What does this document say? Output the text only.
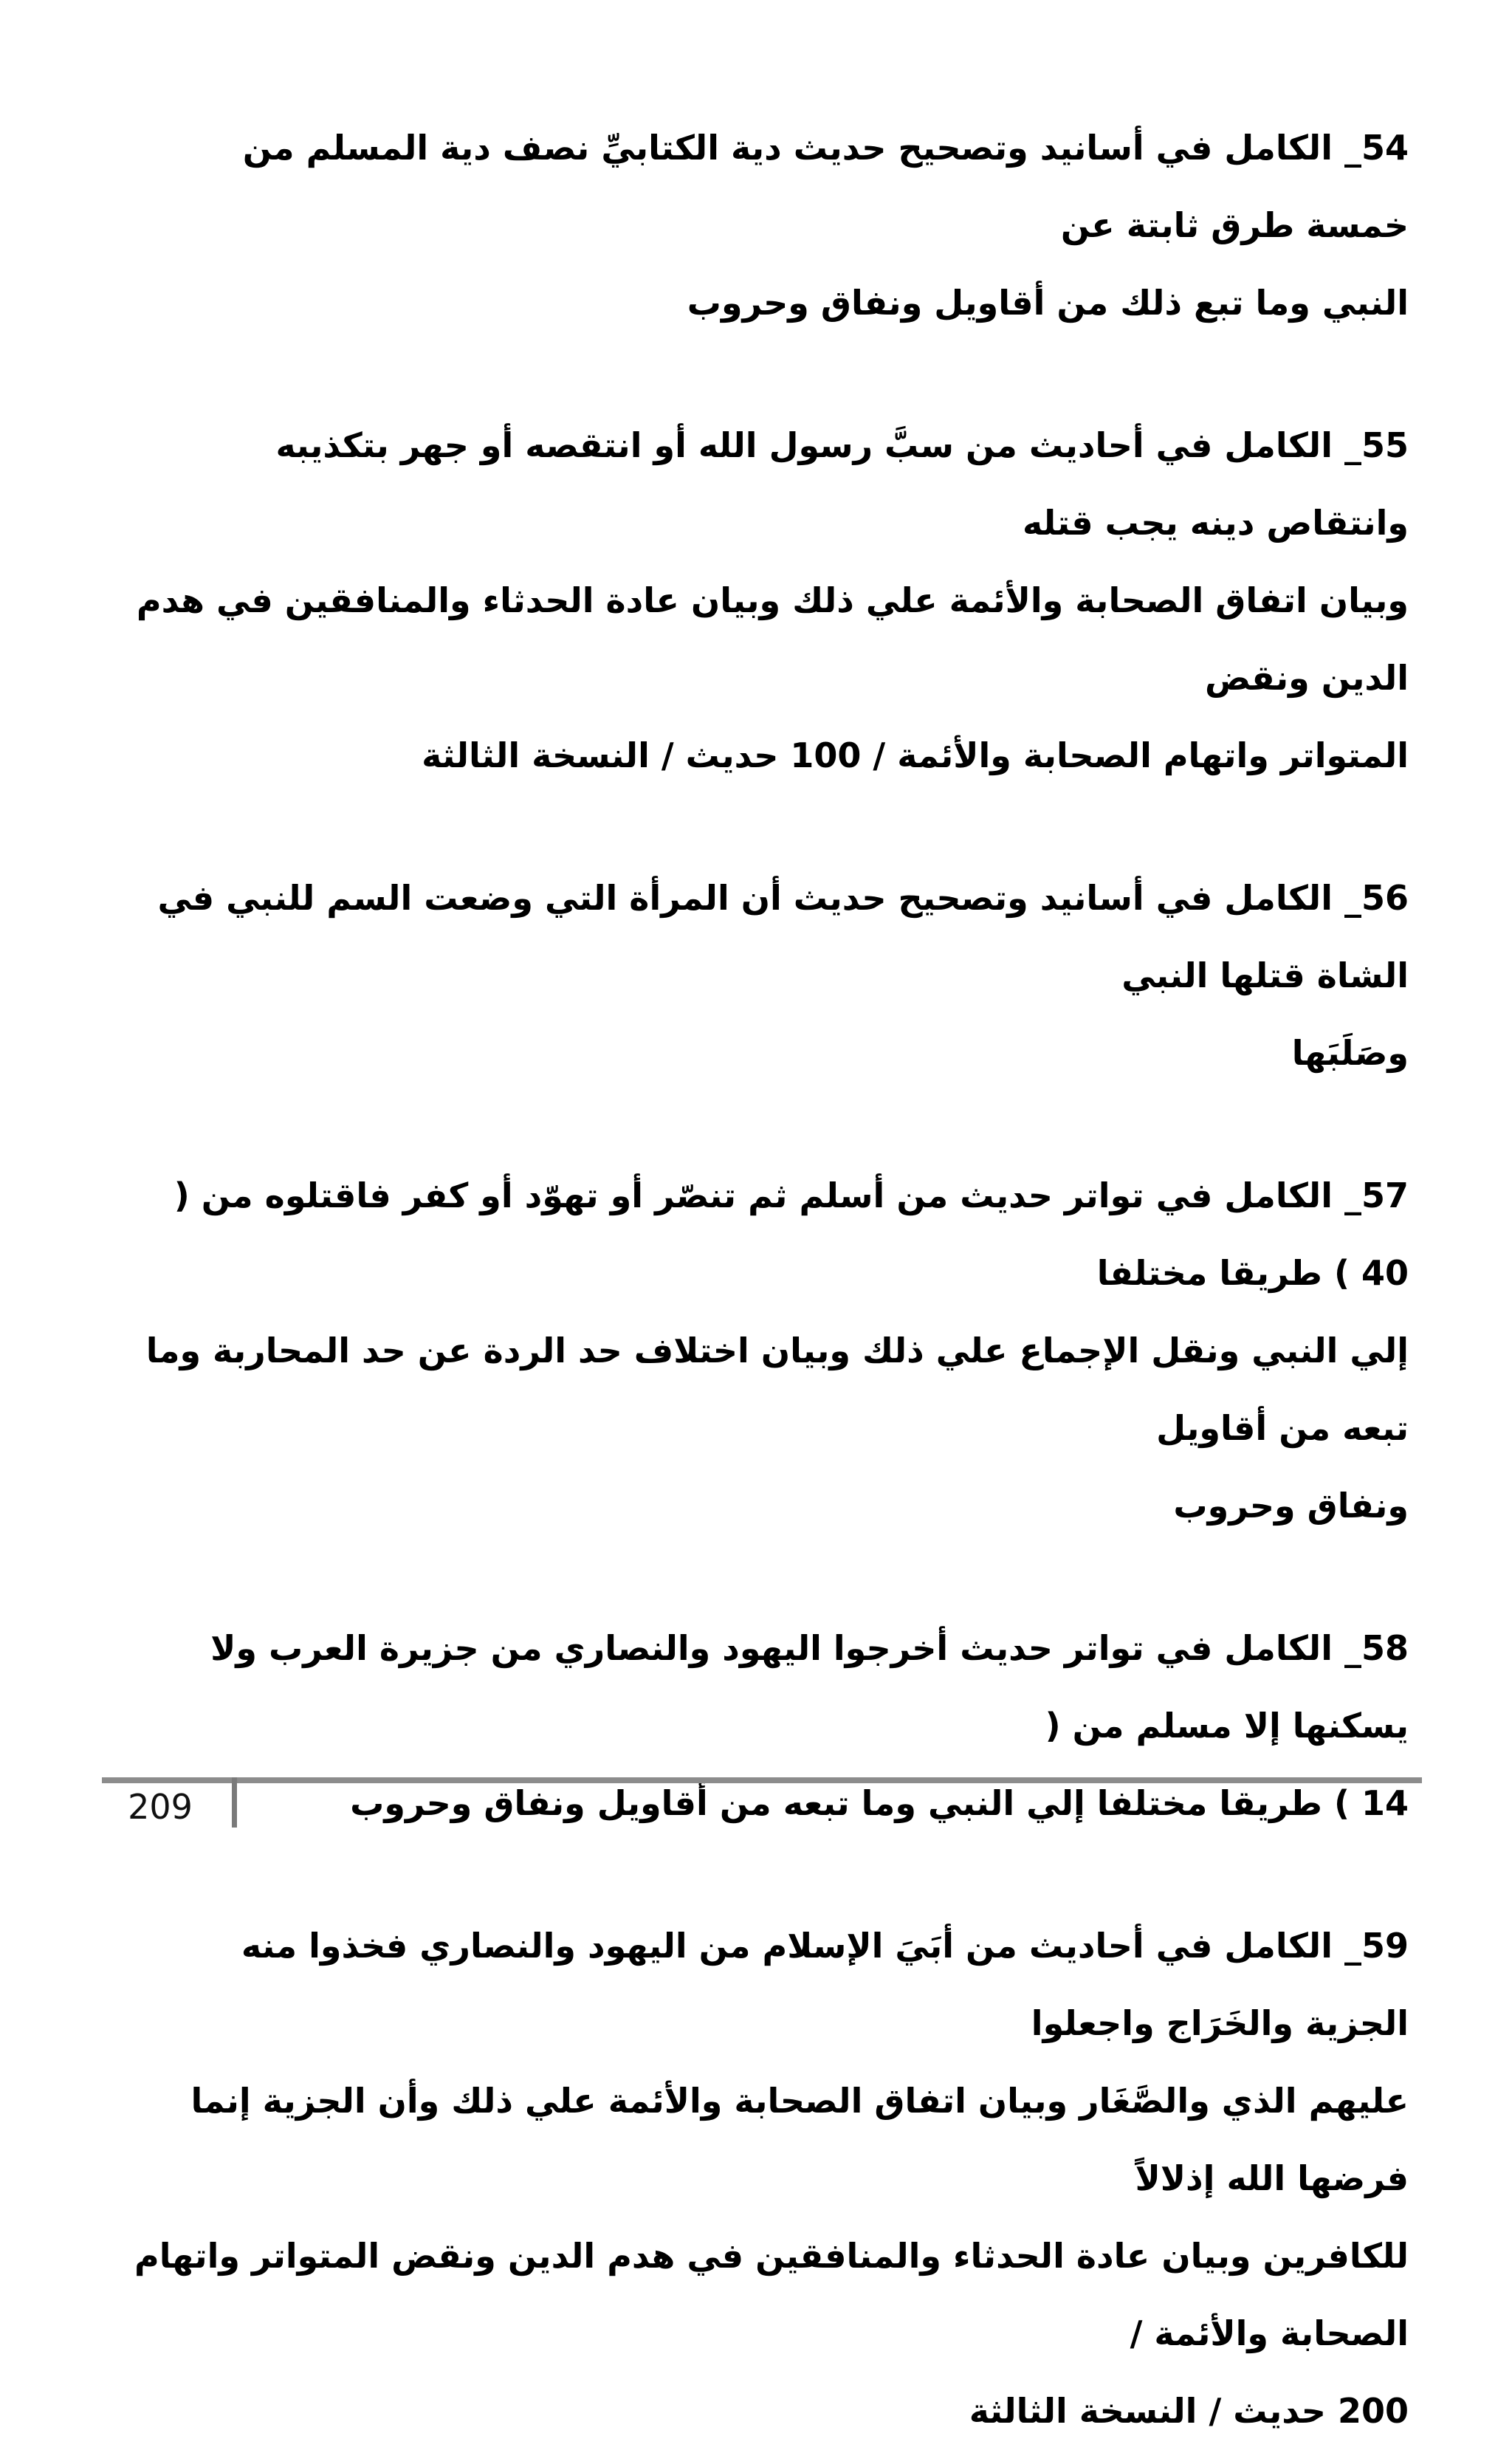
54_ الكامل في أسانيد وتصحيح حديث دية الكتابيِّ نصف دية المسلم من خمسة طرق ثابتة عن
النبي وما تبع ذلك من أقاويل ونفاق وحروب

55_ الكامل في أحاديث من سبَّ رسول الله أو انتقصه أو جهر بتكذيبه وانتقاص دينه يجب قتله
وبيان اتفاق الصحابة والأئمة علي ذلك وبيان عادة الحدثاء والمنافقين في هدم الدين ونقض
المتواتر واتهام الصحابة والأئمة / 100 حديث / النسخة الثالثة

56_ الكامل في أسانيد وتصحيح حديث أن المرأة التي وضعت السم للنبي في الشاة قتلها النبي
وصَلَبَها

57_ الكامل في تواتر حديث من أسلم ثم تنصّر أو تهوّد أو كفر فاقتلوه من ( 40 ) طريقا مختلفا
إلي النبي ونقل الإجماع علي ذلك وبيان اختلاف حد الردة عن حد المحاربة وما تبعه من أقاويل
ونفاق وحروب

58_ الكامل في تواتر حديث أخرجوا اليهود والنصاري من جزيرة العرب ولا يسكنها إلا مسلم من (
14 ) طريقا مختلفا إلي النبي وما تبعه من أقاويل ونفاق وحروب

59_ الكامل في أحاديث من أبَيَ الإسلام من اليهود والنصاري فخذوا منه الجزية والخَرَاج واجعلوا
عليهم الذي والصَّغَار وبيان اتفاق الصحابة والأئمة علي ذلك وأن الجزية إنما فرضها الله إذلالاً
للكافرين وبيان عادة الحدثاء والمنافقين في هدم الدين ونقض المتواتر واتهام الصحابة والأئمة /
200 حديث / النسخة الثالثة

209
